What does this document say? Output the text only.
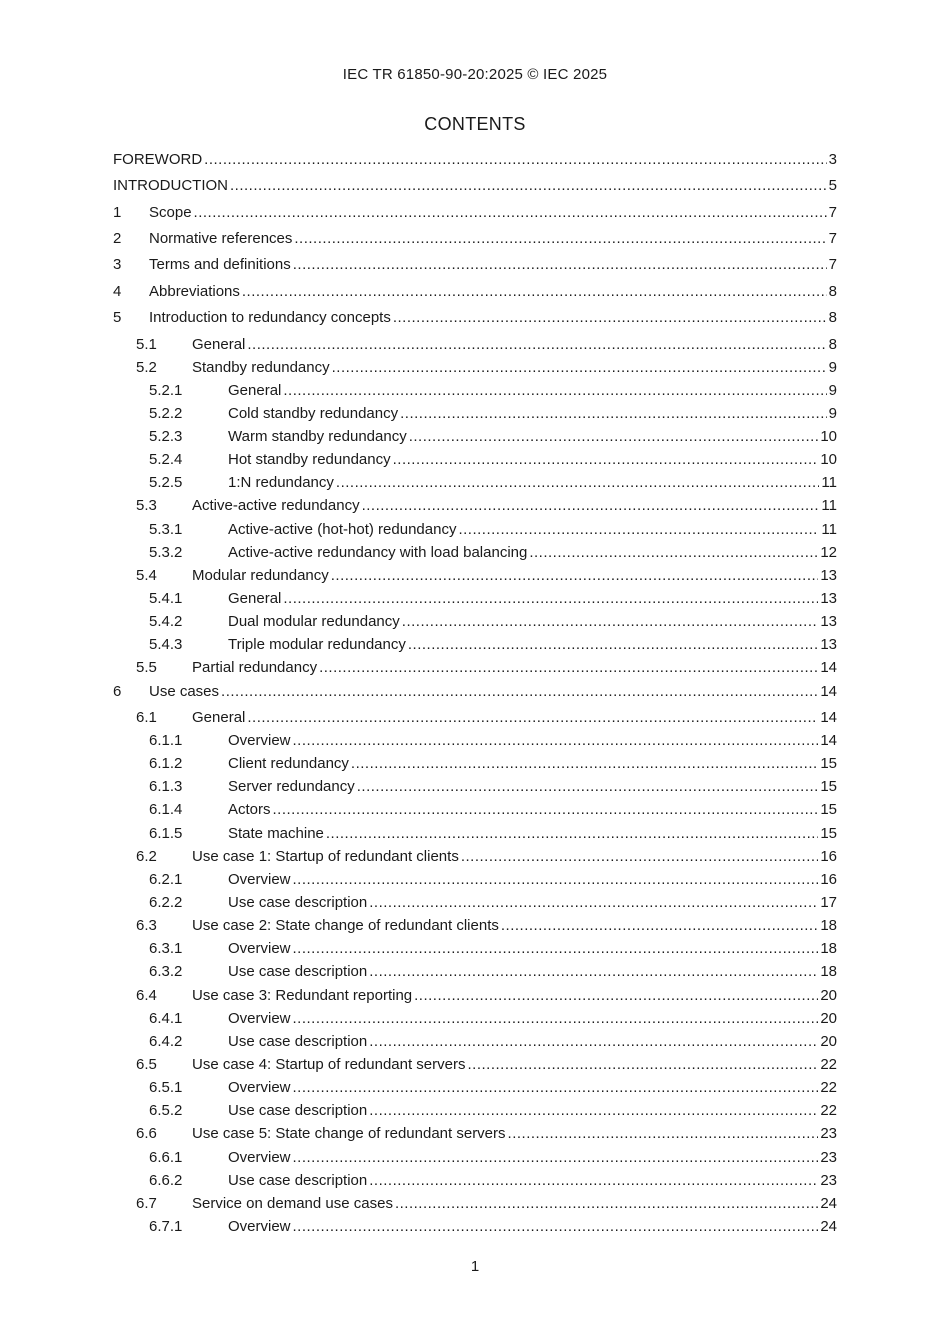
IEC TR 61850-90-20:2025 © IEC 2025
CONTENTS
FOREWORD .....	3
INTRODUCTION .....	5
1	Scope .....	7
2	Normative references .....	7
3	Terms and definitions .....	7
4	Abbreviations .....	8
5	Introduction to redundancy concepts .....	8
5.1	General .....	8
5.2	Standby redundancy .....	9
5.2.1	General .....	9
5.2.2	Cold standby redundancy .....	9
5.2.3	Warm standby redundancy .....	10
5.2.4	Hot standby redundancy .....	10
5.2.5	1:N redundancy .....	11
5.3	Active-active redundancy .....	11
5.3.1	Active-active (hot-hot) redundancy .....	11
5.3.2	Active-active redundancy with load balancing .....	12
5.4	Modular redundancy .....	13
5.4.1	General .....	13
5.4.2	Dual modular redundancy .....	13
5.4.3	Triple modular redundancy .....	13
5.5	Partial redundancy .....	14
6	Use cases .....	14
6.1	General .....	14
6.1.1	Overview .....	14
6.1.2	Client redundancy .....	15
6.1.3	Server redundancy .....	15
6.1.4	Actors .....	15
6.1.5	State machine .....	15
6.2	Use case 1: Startup of redundant clients .....	16
6.2.1	Overview .....	16
6.2.2	Use case description .....	17
6.3	Use case 2: State change of redundant clients .....	18
6.3.1	Overview .....	18
6.3.2	Use case description .....	18
6.4	Use case 3: Redundant reporting .....	20
6.4.1	Overview .....	20
6.4.2	Use case description .....	20
6.5	Use case 4: Startup of redundant servers .....	22
6.5.1	Overview .....	22
6.5.2	Use case description .....	22
6.6	Use case 5: State change of redundant servers .....	23
6.6.1	Overview .....	23
6.6.2	Use case description .....	23
6.7	Service on demand use cases .....	24
6.7.1	Overview .....	24
1
